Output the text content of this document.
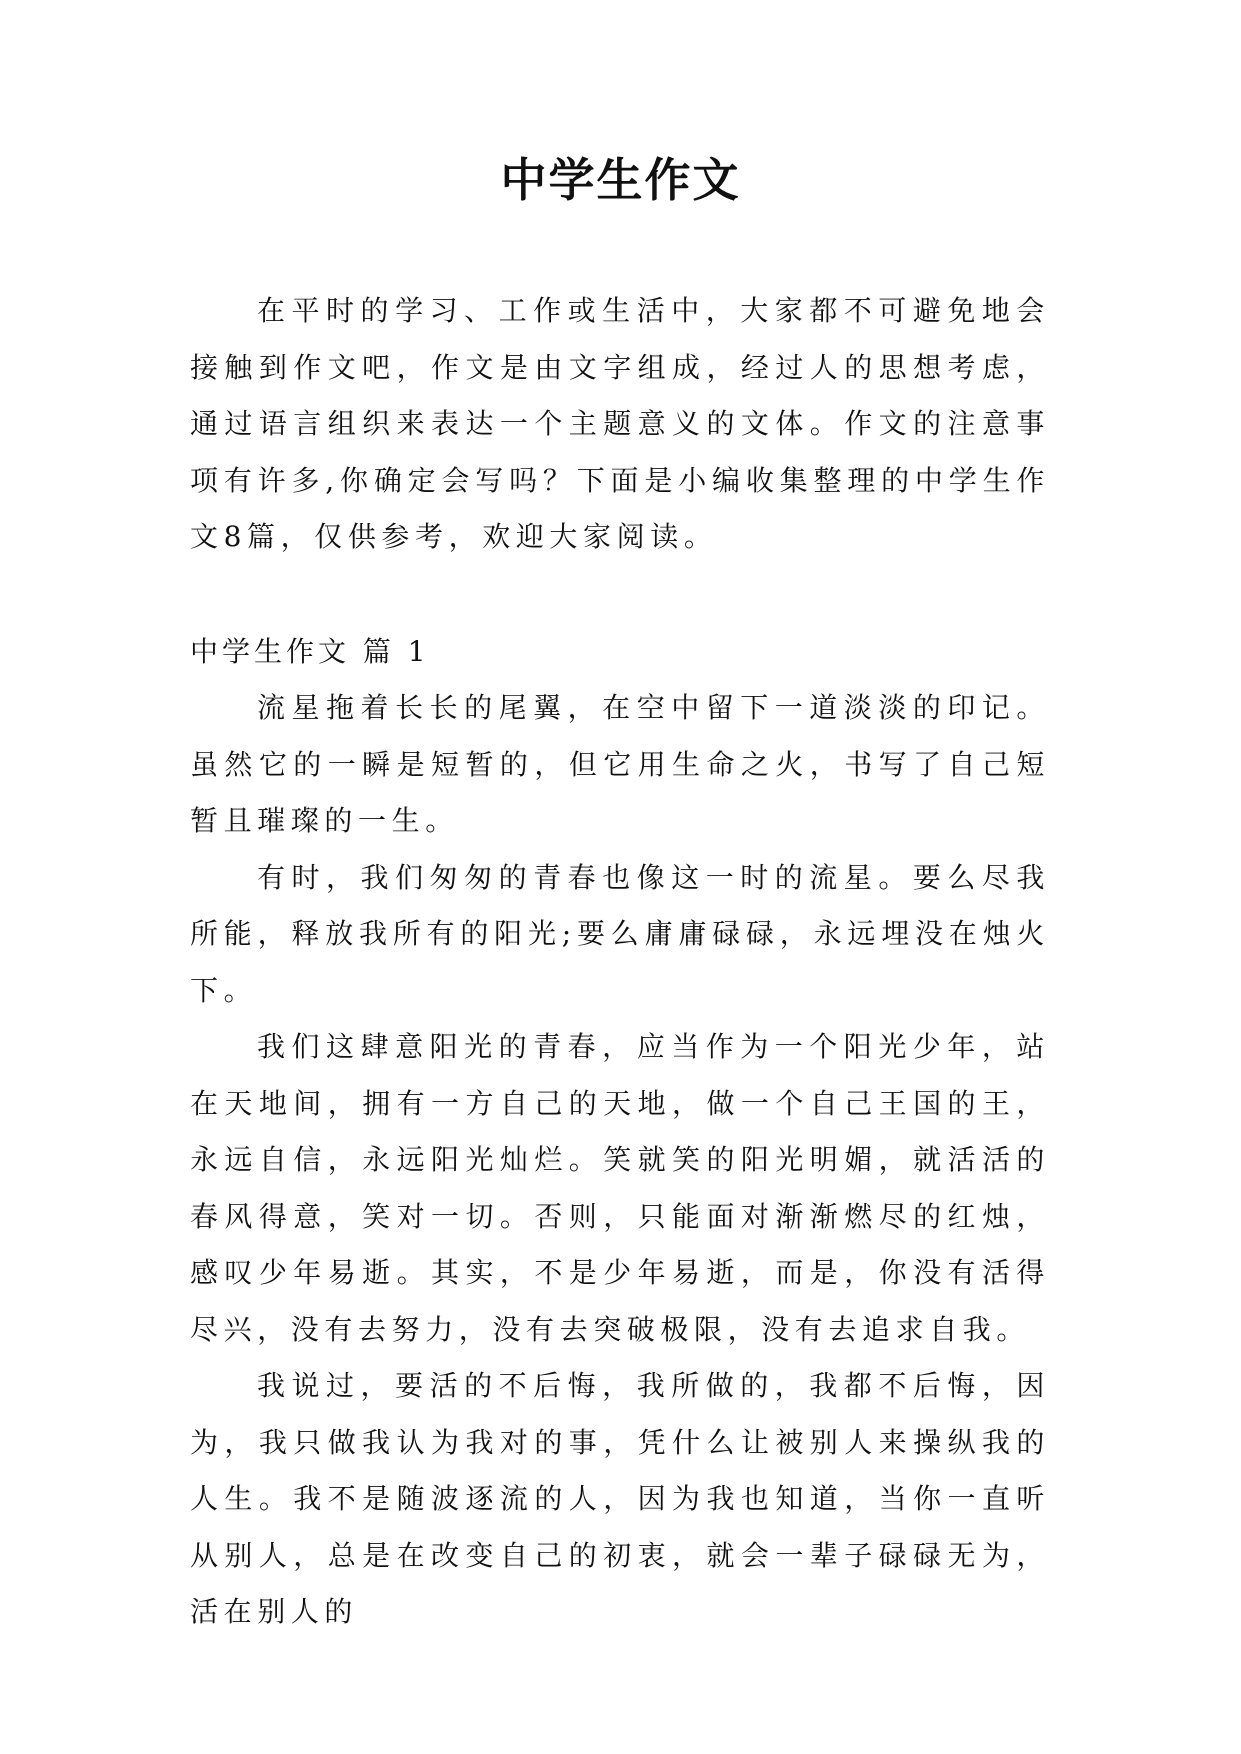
中学生作文

在平时的学习、工作或生活中，大家都不可避免地会接触到作文吧，作文是由文字组成，经过人的思想考虑，通过语言组织来表达一个主题意义的文体。作文的注意事项有许多,你确定会写吗？下面是小编收集整理的中学生作文8篇，仅供参考，欢迎大家阅读。

中学生作文 篇 1

流星拖着长长的尾翼，在空中留下一道淡淡的印记。虽然它的一瞬是短暂的，但它用生命之火，书写了自己短暂且璀璨的一生。

有时，我们匆匆的青春也像这一时的流星。要么尽我所能，释放我所有的阳光;要么庸庸碌碌，永远埋没在烛火下。

我们这肆意阳光的青春，应当作为一个阳光少年，站在天地间，拥有一方自己的天地，做一个自己王国的王，永远自信，永远阳光灿烂。笑就笑的阳光明媚，就活活的春风得意，笑对一切。否则，只能面对渐渐燃尽的红烛，感叹少年易逝。其实，不是少年易逝，而是，你没有活得尽兴，没有去努力，没有去突破极限，没有去追求自我。

我说过，要活的不后悔，我所做的，我都不后悔，因为，我只做我认为我对的事，凭什么让被别人来操纵我的人生。我不是随波逐流的人，因为我也知道，当你一直听从别人，总是在改变自己的初衷，就会一辈子碌碌无为，活在别人的
